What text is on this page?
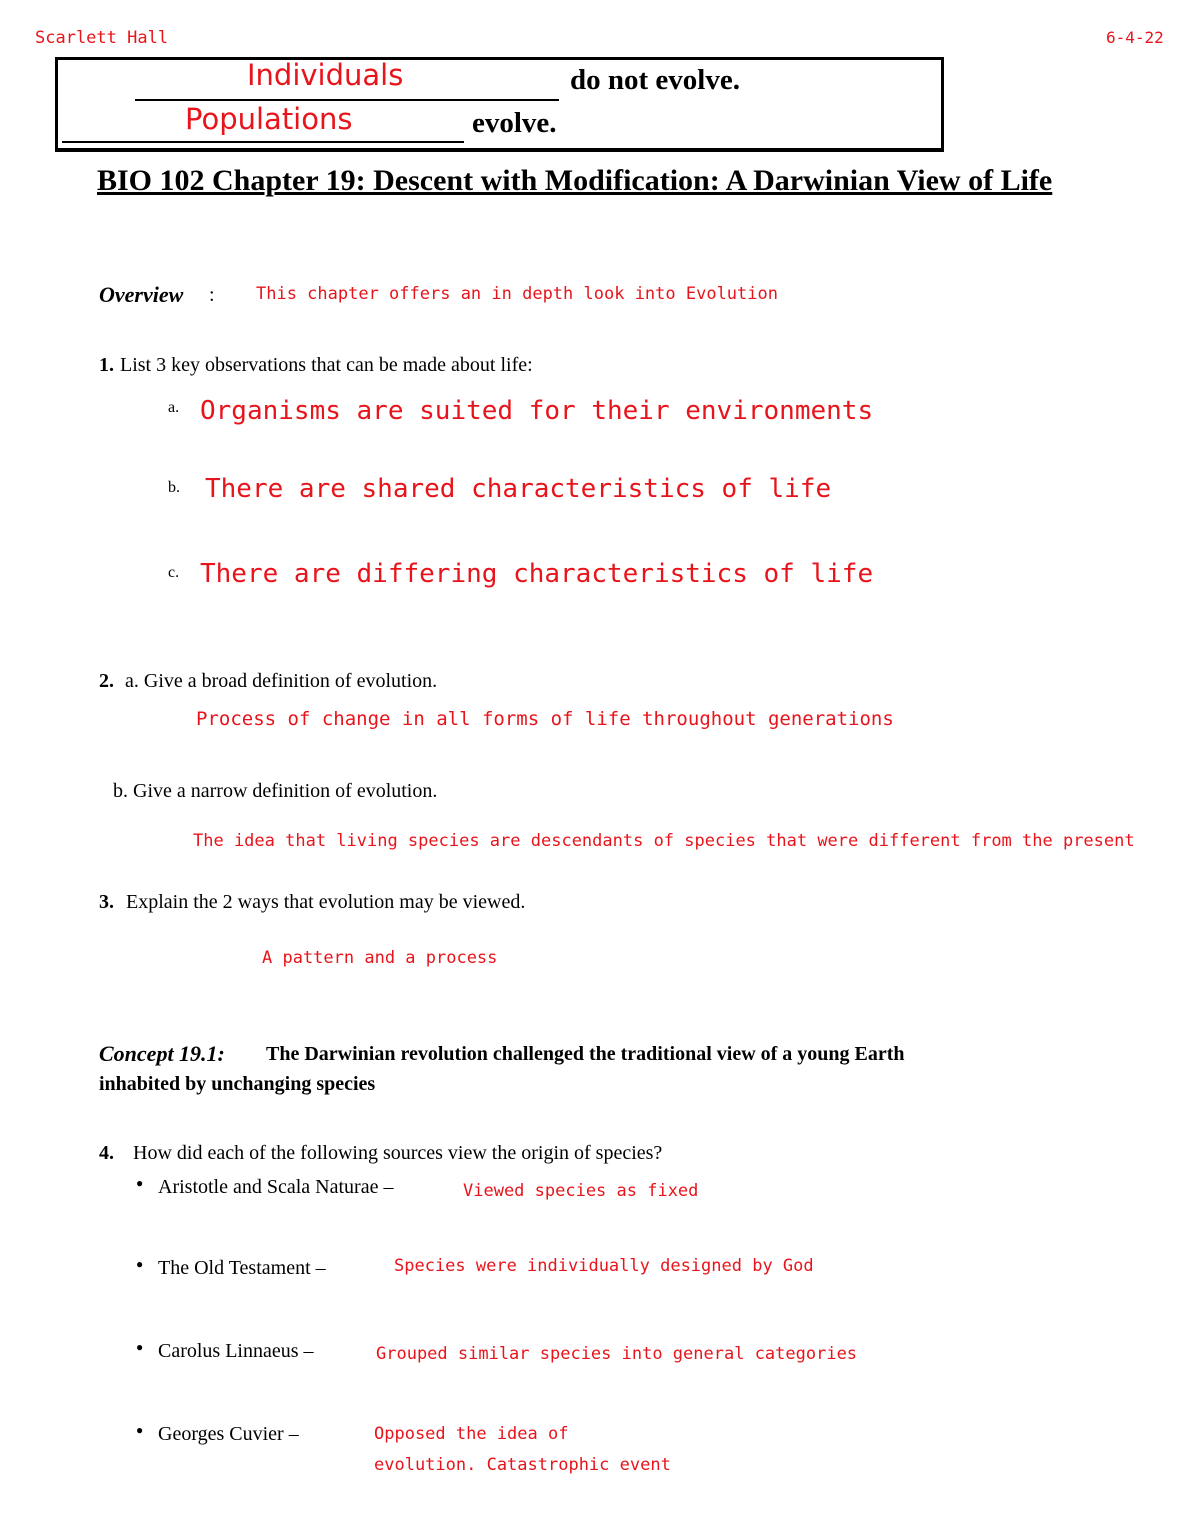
Scarlett Hall	6-4-22
Individuals	do not evolve.
Populations	evolve.
BIO 102 Chapter 19: Descent with Modification: A Darwinian View of Life
Overview : This chapter offers an in depth look into Evolution
1. List 3 key observations that can be made about life:
a. Organisms are suited for their environments
b. There are shared characteristics of life
c. There are differing characteristics of life
2. a. Give a broad definition of evolution.
Process of change in all forms of life throughout generations
b. Give a narrow definition of evolution.
The idea that living species are descendants of species that were different from the present
3. Explain the 2 ways that evolution may be viewed.
A pattern and a process
Concept 19.1: The Darwinian revolution challenged the traditional view of a young Earth
inhabited by unchanging species
4. How did each of the following sources view the origin of species?
● Aristotle and Scala Naturae –	Viewed species as fixed
● The Old Testament –	Species were individually designed by God
● Carolus Linnaeus –	Grouped similar species into general categories
● Georges Cuvier –	Opposed the idea of
evolution. Catastrophic event
